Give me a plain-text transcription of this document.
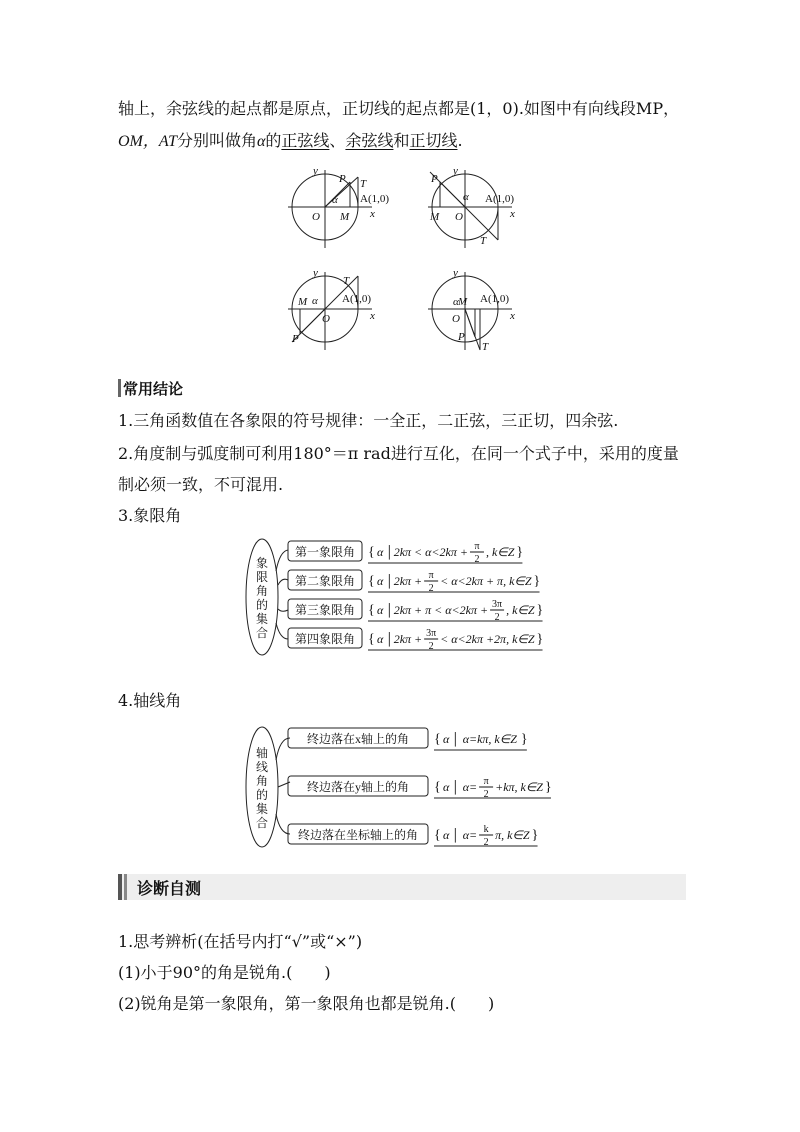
轴上，余弦线的起点都是原点，正切线的起点都是(1，0).如图中有向线段MP，
OM，AT分别叫做角α的正弦线、余弦线和正切线.
y
x
O M
P T
A(1,0)
α
y
x
O
M
P
T
A(1,0)
α
y
x
O
M
P
T
A(1,0)
α
y
x
O
M
P
T
A(1,0)
α
常用结论
1.三角函数值在各象限的符号规律：一全正，二正弦，三正切，四余弦.
2.角度制与弧度制可利用180°＝π rad进行互化，在同一个式子中，采用的度量
制必须一致，不可混用.
3.象限角
象
限
角
的
集
合
第一象限角 { α │2kπ < α<2kπ + π
2
, k∈Z }
第二象限角 { α │2kπ + π
2
< α<2kπ + π, k∈Z }
第三象限角 { α │2kπ + π < α<2kπ + 3π
2
, k∈Z }
第四象限角 { α │2kπ + 3π
2
< α<2kπ +2π, k∈Z }
4.轴线角
轴
线
角
的
集
合
终边落在x轴上的角 { α │ α=kπ, k∈Z }
终边落在y轴上的角 { α │ α= π
2
+kπ, k∈Z }
终边落在坐标轴上的角 { α │ α= k
2
π, k∈Z }
诊断自测
1.思考辨析(在括号内打“√”或“×”)
(1)小于90°的角是锐角.(　　)
(2)锐角是第一象限角，第一象限角也都是锐角.(　　)
